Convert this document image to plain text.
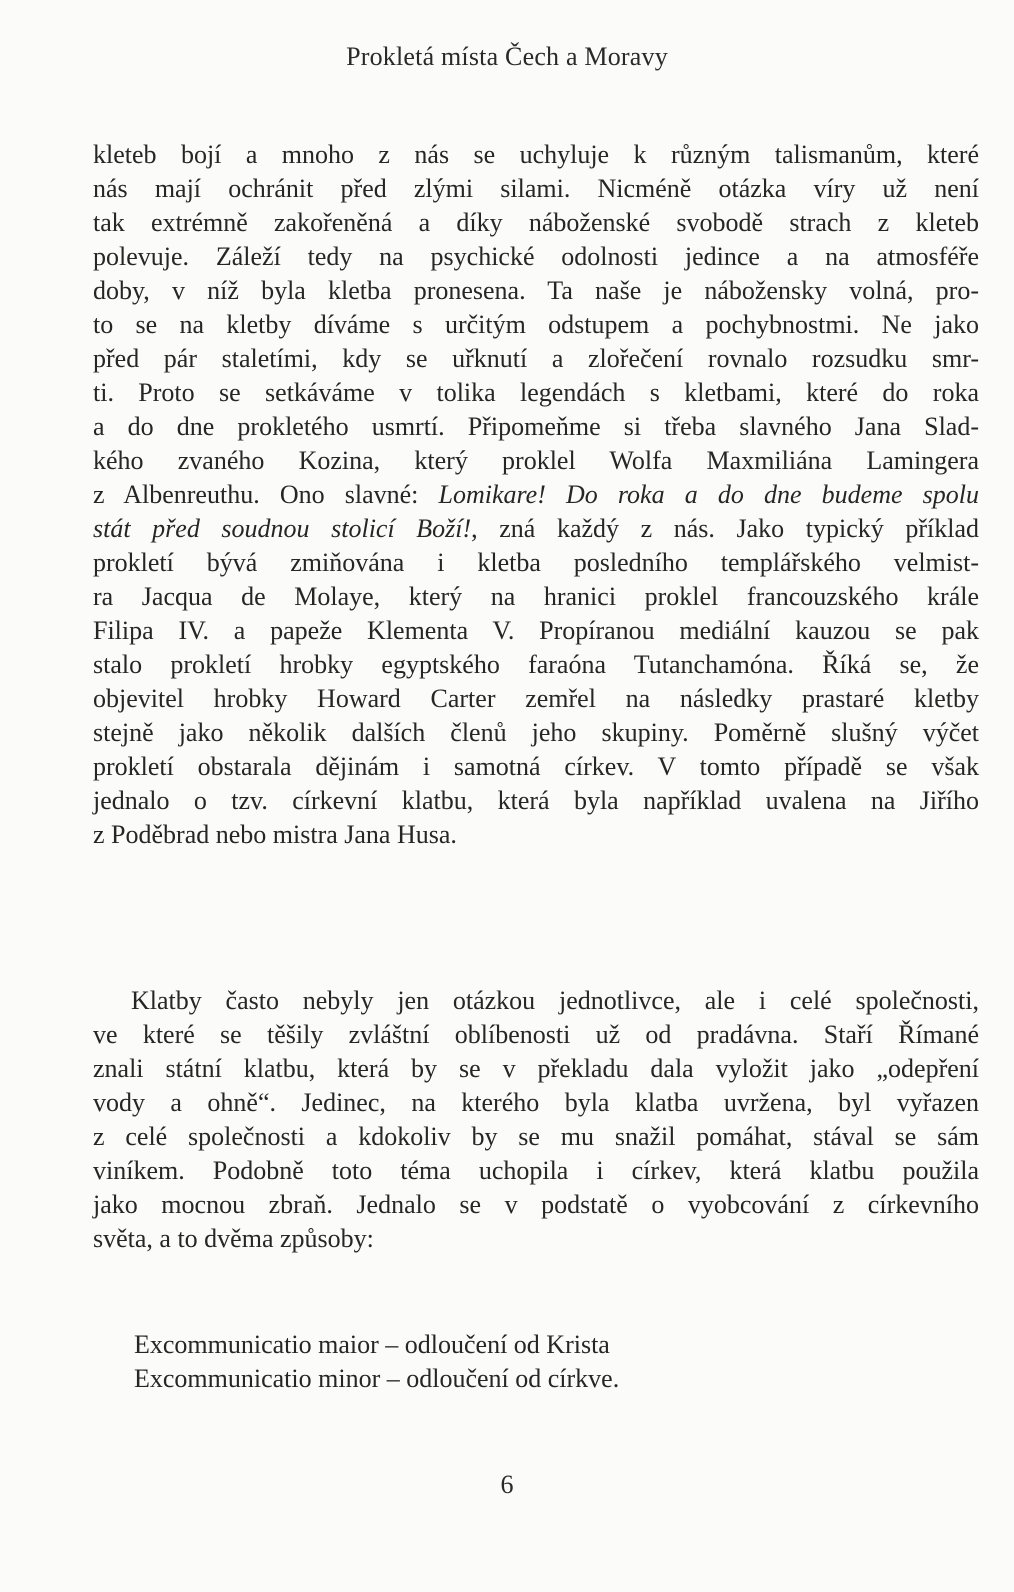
Prokletá místa Čech a Moravy
kleteb bojí a mnoho z nás se uchyluje k různým talismanům, které
nás mají ochránit před zlými silami. Nicméně otázka víry už není
tak extrémně zakořeněná a díky náboženské svobodě strach z kleteb
polevuje. Záleží tedy na psychické odolnosti jedince a na atmosféře
doby, v níž byla kletba pronesena. Ta naše je nábožensky volná, pro-
to se na kletby díváme s určitým odstupem a pochybnostmi. Ne jako
před pár staletími, kdy se uřknutí a zlořečení rovnalo rozsudku smr-
ti. Proto se setkáváme v tolika legendách s kletbami, které do roka
a do dne prokletého usmrtí. Připomeňme si třeba slavného Jana Slad-
kého zvaného Kozina, který proklel Wolfa Maxmiliána Lamingera
z Albenreuthu. Ono slavné: Lomikare! Do roka a do dne budeme spolu
stát před soudnou stolicí Boží!, zná každý z nás. Jako typický příklad
prokletí bývá zmiňována i kletba posledního templářského velmist-
ra Jacqua de Molaye, který na hranici proklel francouzského krále
Filipa IV. a papeže Klementa V. Propíranou mediální kauzou se pak
stalo prokletí hrobky egyptského faraóna Tutanchamóna. Říká se, že
objevitel hrobky Howard Carter zemřel na následky prastaré kletby
stejně jako několik dalších členů jeho skupiny. Poměrně slušný výčet
prokletí obstarala dějinám i samotná církev. V tomto případě se však
jednalo o tzv. církevní klatbu, která byla například uvalena na Jiřího
z Poděbrad nebo mistra Jana Husa.
Klatby často nebyly jen otázkou jednotlivce, ale i celé společnosti,
ve které se těšily zvláštní oblíbenosti už od pradávna. Staří Římané
znali státní klatbu, která by se v překladu dala vyložit jako „odepření
vody a ohně“. Jedinec, na kterého byla klatba uvržena, byl vyřazen
z celé společnosti a kdokoliv by se mu snažil pomáhat, stával se sám
viníkem. Podobně toto téma uchopila i církev, která klatbu použila
jako mocnou zbraň. Jednalo se v podstatě o vyobcování z církevního
světa, a to dvěma způsoby:
Excommunicatio maior – odloučení od Krista
Excommunicatio minor – odloučení od církve.
6
